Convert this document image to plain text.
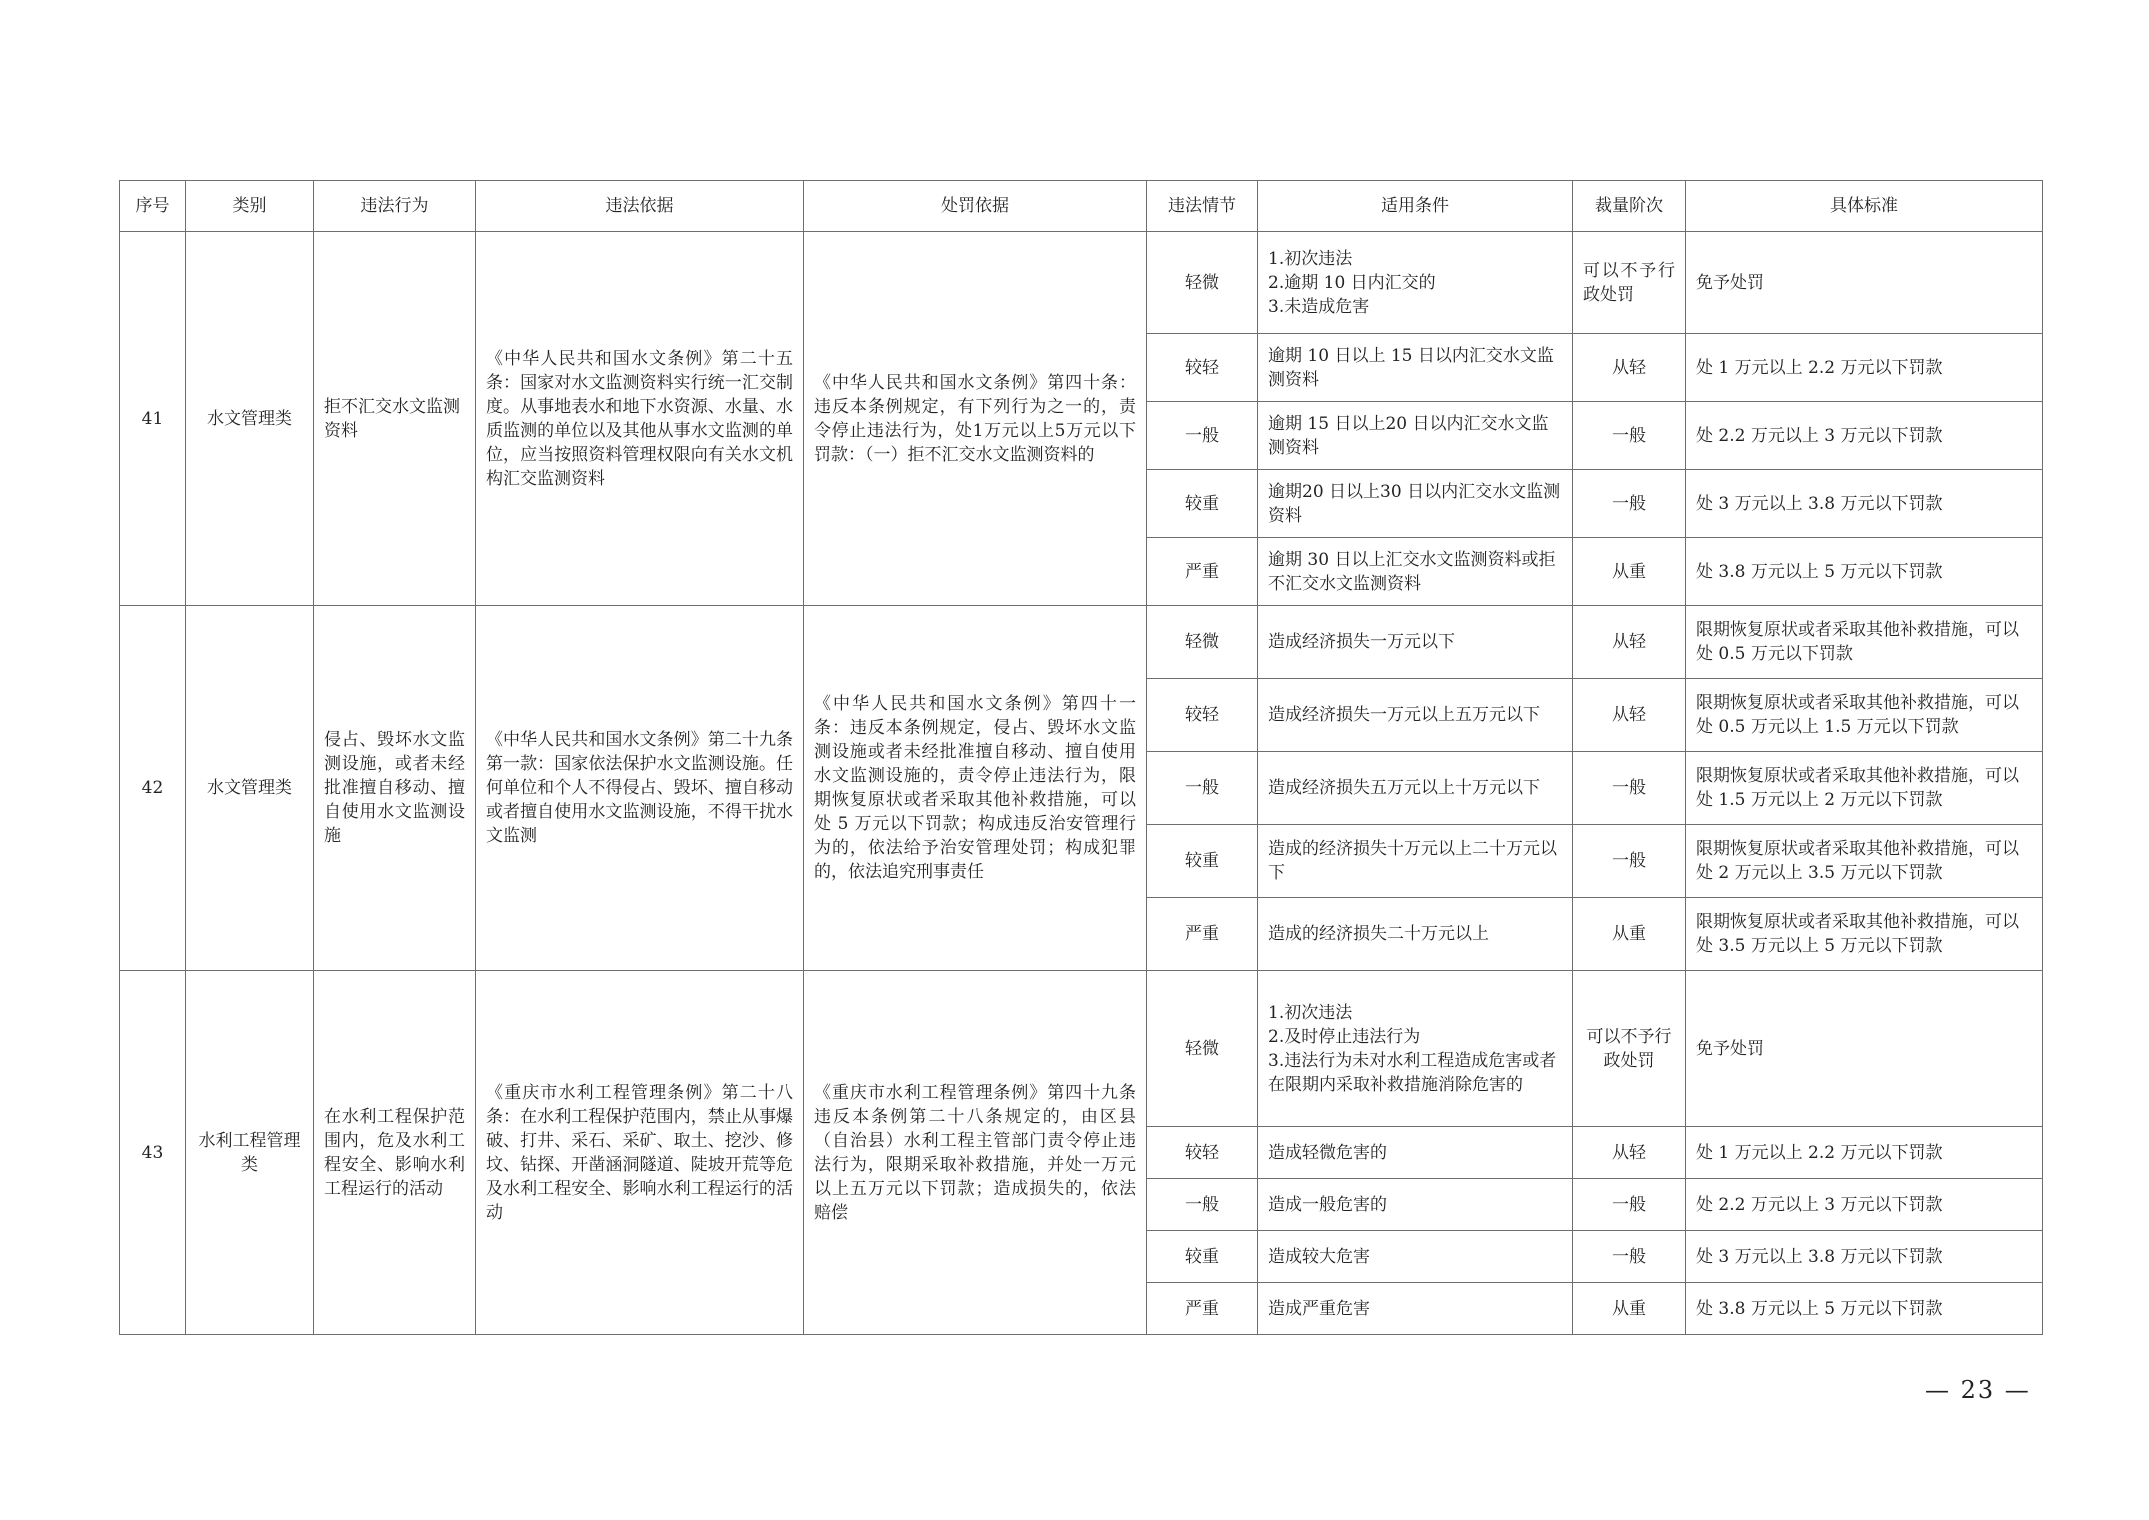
序号	类别	违法行为	违法依据	处罚依据	违法情节	适用条件	裁量阶次	具体标准
41	水文管理类	拒不汇交水文监测资料	《中华人民共和国水文条例》第二十五条：国家对水文监测资料实行统一汇交制度。从事地表水和地下水资源、水量、水质监测的单位以及其他从事水文监测的单位，应当按照资料管理权限向有关水文机构汇交监测资料	《中华人民共和国水文条例》第四十条：违反本条例规定，有下列行为之一的，责令停止违法行为，处1万元以上5万元以下罚款：（一）拒不汇交水文监测资料的	轻微	1.初次违法
2.逾期 10 日内汇交的
3.未造成危害	可以不予行政处罚	免予处罚
					较轻	逾期 10 日以上 15 日以内汇交水文监测资料	从轻	处 1 万元以上 2.2 万元以下罚款
					一般	逾期 15 日以上20 日以内汇交水文监测资料	一般	处 2.2 万元以上 3 万元以下罚款
					较重	逾期20 日以上30 日以内汇交水文监测资料	一般	处 3 万元以上 3.8 万元以下罚款
					严重	逾期 30 日以上汇交水文监测资料或拒不汇交水文监测资料	从重	处 3.8 万元以上 5 万元以下罚款
42	水文管理类	侵占、毁坏水文监测设施，或者未经批准擅自移动、擅自使用水文监测设施	《中华人民共和国水文条例》第二十九条第一款：国家依法保护水文监测设施。任何单位和个人不得侵占、毁坏、擅自移动或者擅自使用水文监测设施，不得干扰水文监测	《中华人民共和国水文条例》第四十一条：违反本条例规定，侵占、毁坏水文监测设施或者未经批准擅自移动、擅自使用水文监测设施的，责令停止违法行为，限期恢复原状或者采取其他补救措施，可以处 5 万元以下罚款；构成违反治安管理行为的，依法给予治安管理处罚；构成犯罪的，依法追究刑事责任	轻微	造成经济损失一万元以下	从轻	限期恢复原状或者采取其他补救措施，可以处 0.5 万元以下罚款
					较轻	造成经济损失一万元以上五万元以下	从轻	限期恢复原状或者采取其他补救措施，可以处 0.5 万元以上 1.5 万元以下罚款
					一般	造成经济损失五万元以上十万元以下	一般	限期恢复原状或者采取其他补救措施，可以处 1.5 万元以上 2 万元以下罚款
					较重	造成的经济损失十万元以上二十万元以下	一般	限期恢复原状或者采取其他补救措施，可以处 2 万元以上 3.5 万元以下罚款
					严重	造成的经济损失二十万元以上	从重	限期恢复原状或者采取其他补救措施，可以处 3.5 万元以上 5 万元以下罚款
43	水利工程管理类	在水利工程保护范围内，危及水利工程安全、影响水利工程运行的活动	《重庆市水利工程管理条例》第二十八条：在水利工程保护范围内，禁止从事爆破、打井、采石、采矿、取土、挖沙、修坟、钻探、开凿涵洞隧道、陡坡开荒等危及水利工程安全、影响水利工程运行的活动	《重庆市水利工程管理条例》第四十九条违反本条例第二十八条规定的，由区县（自治县）水利工程主管部门责令停止违法行为，限期采取补救措施，并处一万元以上五万元以下罚款；造成损失的，依法赔偿	轻微	1.初次违法
2.及时停止违法行为
3.违法行为未对水利工程造成危害或者在限期内采取补救措施消除危害的	可以不予行政处罚	免予处罚
					较轻	造成轻微危害的	从轻	处 1 万元以上 2.2 万元以下罚款
					一般	造成一般危害的	一般	处 2.2 万元以上 3 万元以下罚款
					较重	造成较大危害	一般	处 3 万元以上 3.8 万元以下罚款
					严重	造成严重危害	从重	处 3.8 万元以上 5 万元以下罚款
— 23 —
